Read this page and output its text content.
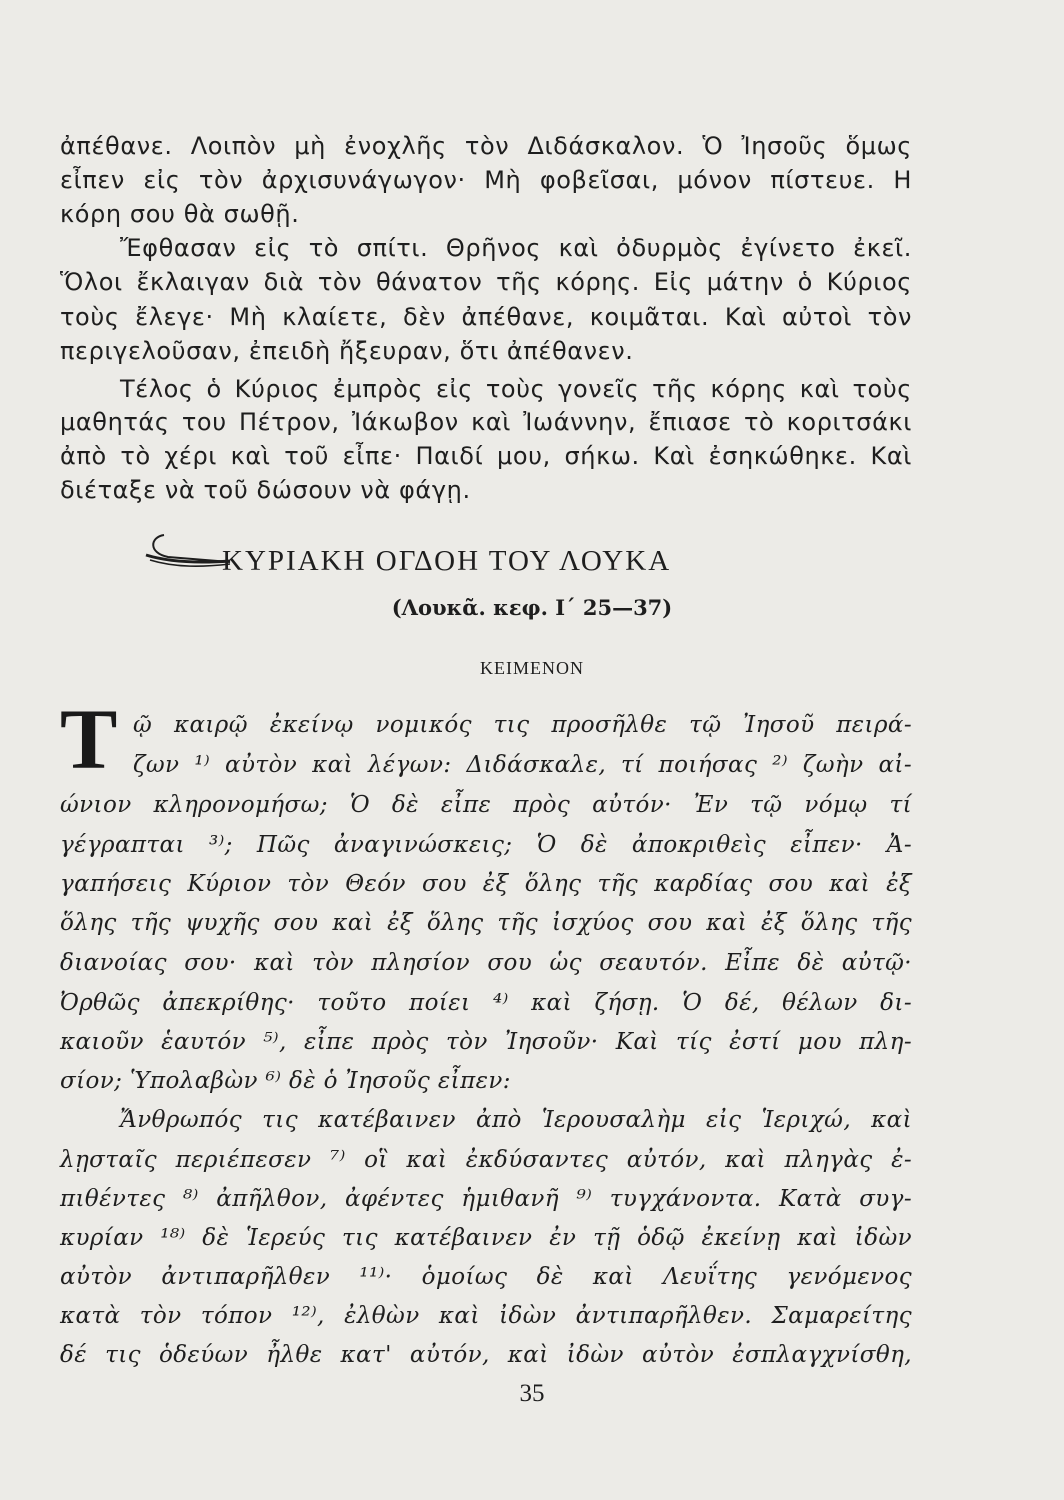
ἀπέθανε. Λοιπὸν μὴ ἐνοχλῆς τὸν Διδάσκαλον. Ὁ Ἰησοῦς ὅμως

εἶπεν εἰς τὸν ἀρχισυνάγωγον· Μὴ φοβεῖσαι, μόνον πίστευε. Η

κόρη σου θὰ σωθῇ.

Ἔφθασαν εἰς τὸ σπίτι. Θρῆνος καὶ ὀδυρμὸς ἐγίνετο ἐκεῖ.

Ὅλοι ἔκλαιγαν διὰ τὸν θάνατον τῆς κόρης. Εἰς μάτην ὁ Κύριος

τοὺς ἔλεγε· Μὴ κλαίετε, δὲν ἀπέθανε, κοιμᾶται. Καὶ αὐτοὶ τὸν

περιγελοῦσαν, ἐπειδὴ ἤξευραν, ὅτι ἀπέθανεν.

Τέλος ὁ Κύριος ἐμπρὸς εἰς τοὺς γονεῖς τῆς κόρης καὶ τοὺς

μαθητάς του Πέτρον, Ἰάκωβον καὶ Ἰωάννην, ἔπιασε τὸ κοριτσάκι

ἀπὸ τὸ χέρι καὶ τοῦ εἶπε· Παιδί μου, σήκω. Καὶ ἐσηκώθηκε. Καὶ

διέταξε νὰ τοῦ δώσουν νὰ φάγῃ.

ΚΥΡΙΑΚΗ ΟΓΔΟΗ ΤΟΥ ΛΟΥΚΑ

(Λουκᾶ. κεφ. Ι΄ 25—37)

ΚΕΙΜΕΝΟΝ

Τ ῷ καιρῷ ἐκείνῳ νομικός τις προσῆλθε τῷ Ἰησοῦ πειρά-

ζων ¹⁾ αὐτὸν καὶ λέγων: Διδάσκαλε, τί ποιήσας ²⁾ ζωὴν αἰ-

ώνιον κληρονομήσω; Ὁ δὲ εἶπε πρὸς αὐτόν· Ἐν τῷ νόμῳ τί

γέγραπται ³⁾; Πῶς ἀναγινώσκεις; Ὁ δὲ ἀποκριθεὶς εἶπεν· Ἀ-

γαπήσεις Κύριον τὸν Θεόν σου ἐξ ὅλης τῆς καρδίας σου καὶ ἐξ

ὅλης τῆς ψυχῆς σου καὶ ἐξ ὅλης τῆς ἰσχύος σου καὶ ἐξ ὅλης τῆς

διανοίας σου· καὶ τὸν πλησίον σου ὡς σεαυτόν. Εἶπε δὲ αὐτῷ·

Ὀρθῶς ἀπεκρίθης· τοῦτο ποίει ⁴⁾ καὶ ζήσῃ. Ὁ δέ, θέλων δι-

καιοῦν ἑαυτόν ⁵⁾, εἶπε πρὸς τὸν Ἰησοῦν· Καὶ τίς ἐστί μου πλη-

σίον; Ὑπολαβὼν ⁶⁾ δὲ ὁ Ἰησοῦς εἶπεν:

Ἄνθρωπός τις κατέβαινεν ἀπὸ Ἱερουσαλὴμ εἰς Ἱεριχώ, καὶ

λῃσταῖς περιέπεσεν ⁷⁾ οἳ καὶ ἐκδύσαντες αὐτόν, καὶ πληγὰς ἐ-

πιθέντες ⁸⁾ ἀπῆλθον, ἀφέντες ἡμιθανῆ ⁹⁾ τυγχάνοντα. Κατὰ συγ-

κυρίαν ¹⁸⁾ δὲ Ἱερεύς τις κατέβαινεν ἐν τῇ ὁδῷ ἐκείνῃ καὶ ἰδὼν

αὐτὸν ἀντιπαρῆλθεν ¹¹⁾· ὁμοίως δὲ καὶ Λευΐτης γενόμενος

κατὰ τὸν τόπον ¹²⁾, ἐλθὼν καὶ ἰδὼν ἀντιπαρῆλθεν. Σαμαρείτης

δέ τις ὁδεύων ἦλθε κατ' αὐτόν, καὶ ἰδὼν αὐτὸν ἐσπλαγχνίσθη,

35
